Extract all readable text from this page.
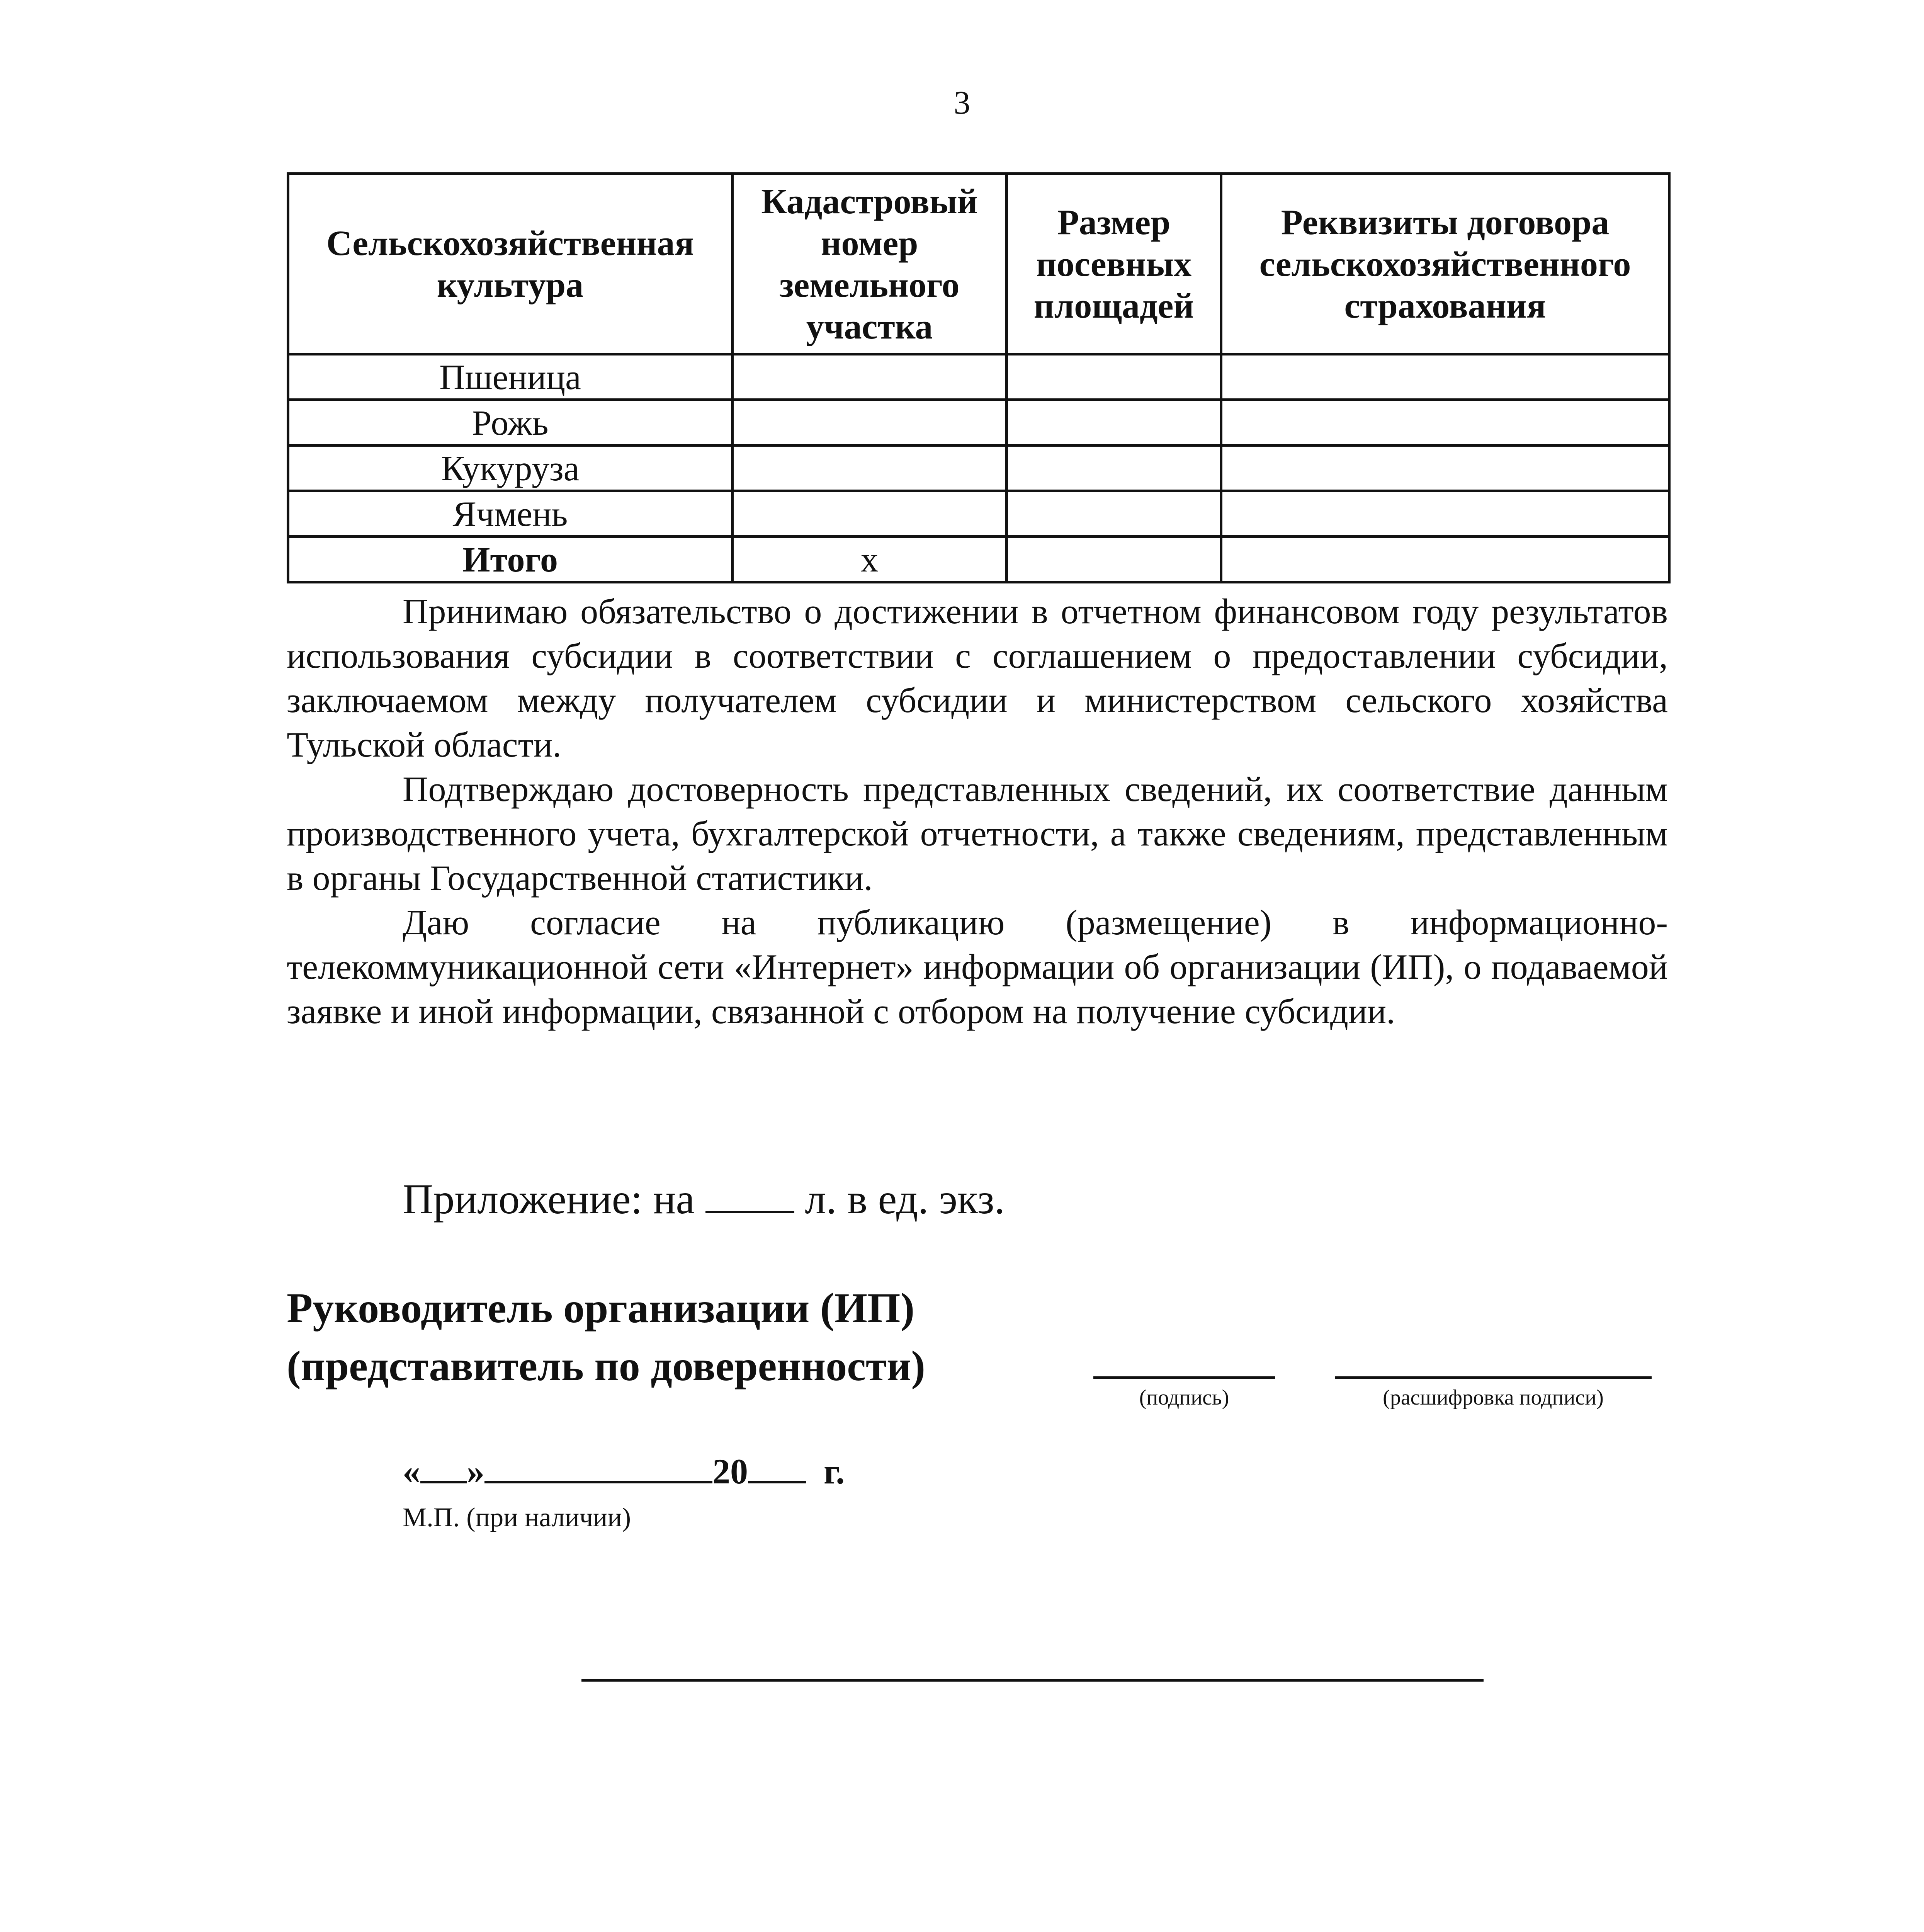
3
Сельскохозяйственная культура	Кадастровый номер земельного участка	Размер посевных площадей	Реквизиты договора сельскохозяйственного страхования
Пшеница			
Рожь			
Кукуруза			
Ячмень			
Итого	х		

Принимаю обязательство о достижении в отчетном финансовом году результатов использования субсидии в соответствии с соглашением о предоставлении субсидии, заключаемом между получателем субсидии и министерством сельского хозяйства Тульской области.

Подтверждаю достоверность представленных сведений, их соответствие данным производственного учета, бухгалтерской отчетности, а также сведениям, представленным в органы Государственной статистики.

Даю согласие на публикацию (размещение) в информационно-телекоммуникационной сети «Интернет» информации об организации (ИП), о подаваемой заявке и иной информации, связанной с отбором на получение субсидии.

Приложение: на	л. в ед. экз.
Руководитель организации (ИП)
(представитель по доверенности)
(подпись)	(расшифровка подписи)
« »	20 г.
М.П. (при наличии)
